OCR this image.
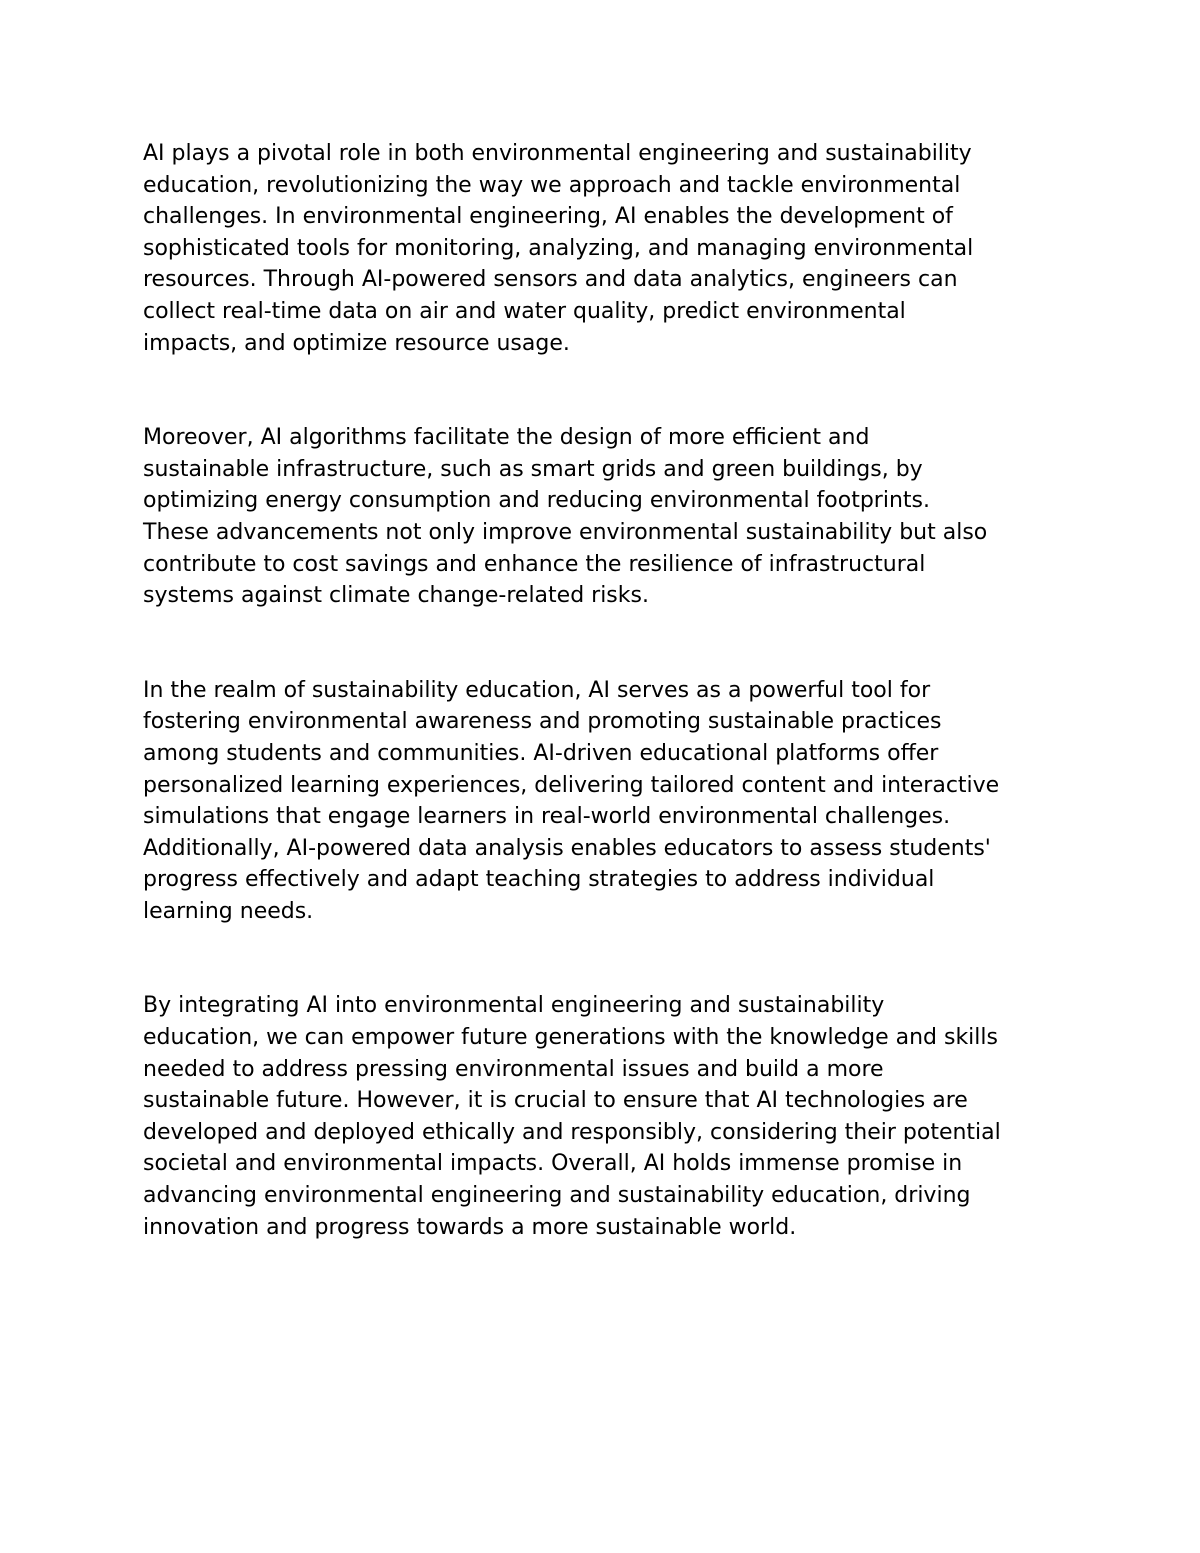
AI plays a pivotal role in both environmental engineering and sustainability
education, revolutionizing the way we approach and tackle environmental
challenges. In environmental engineering, AI enables the development of
sophisticated tools for monitoring, analyzing, and managing environmental
resources. Through AI-powered sensors and data analytics, engineers can
collect real-time data on air and water quality, predict environmental
impacts, and optimize resource usage.

Moreover, AI algorithms facilitate the design of more efficient and
sustainable infrastructure, such as smart grids and green buildings, by
optimizing energy consumption and reducing environmental footprints.
These advancements not only improve environmental sustainability but also
contribute to cost savings and enhance the resilience of infrastructural
systems against climate change-related risks.

In the realm of sustainability education, AI serves as a powerful tool for
fostering environmental awareness and promoting sustainable practices
among students and communities. AI-driven educational platforms offer
personalized learning experiences, delivering tailored content and interactive
simulations that engage learners in real-world environmental challenges.
Additionally, AI-powered data analysis enables educators to assess students'
progress effectively and adapt teaching strategies to address individual
learning needs.

By integrating AI into environmental engineering and sustainability
education, we can empower future generations with the knowledge and skills
needed to address pressing environmental issues and build a more
sustainable future. However, it is crucial to ensure that AI technologies are
developed and deployed ethically and responsibly, considering their potential
societal and environmental impacts. Overall, AI holds immense promise in
advancing environmental engineering and sustainability education, driving
innovation and progress towards a more sustainable world.
